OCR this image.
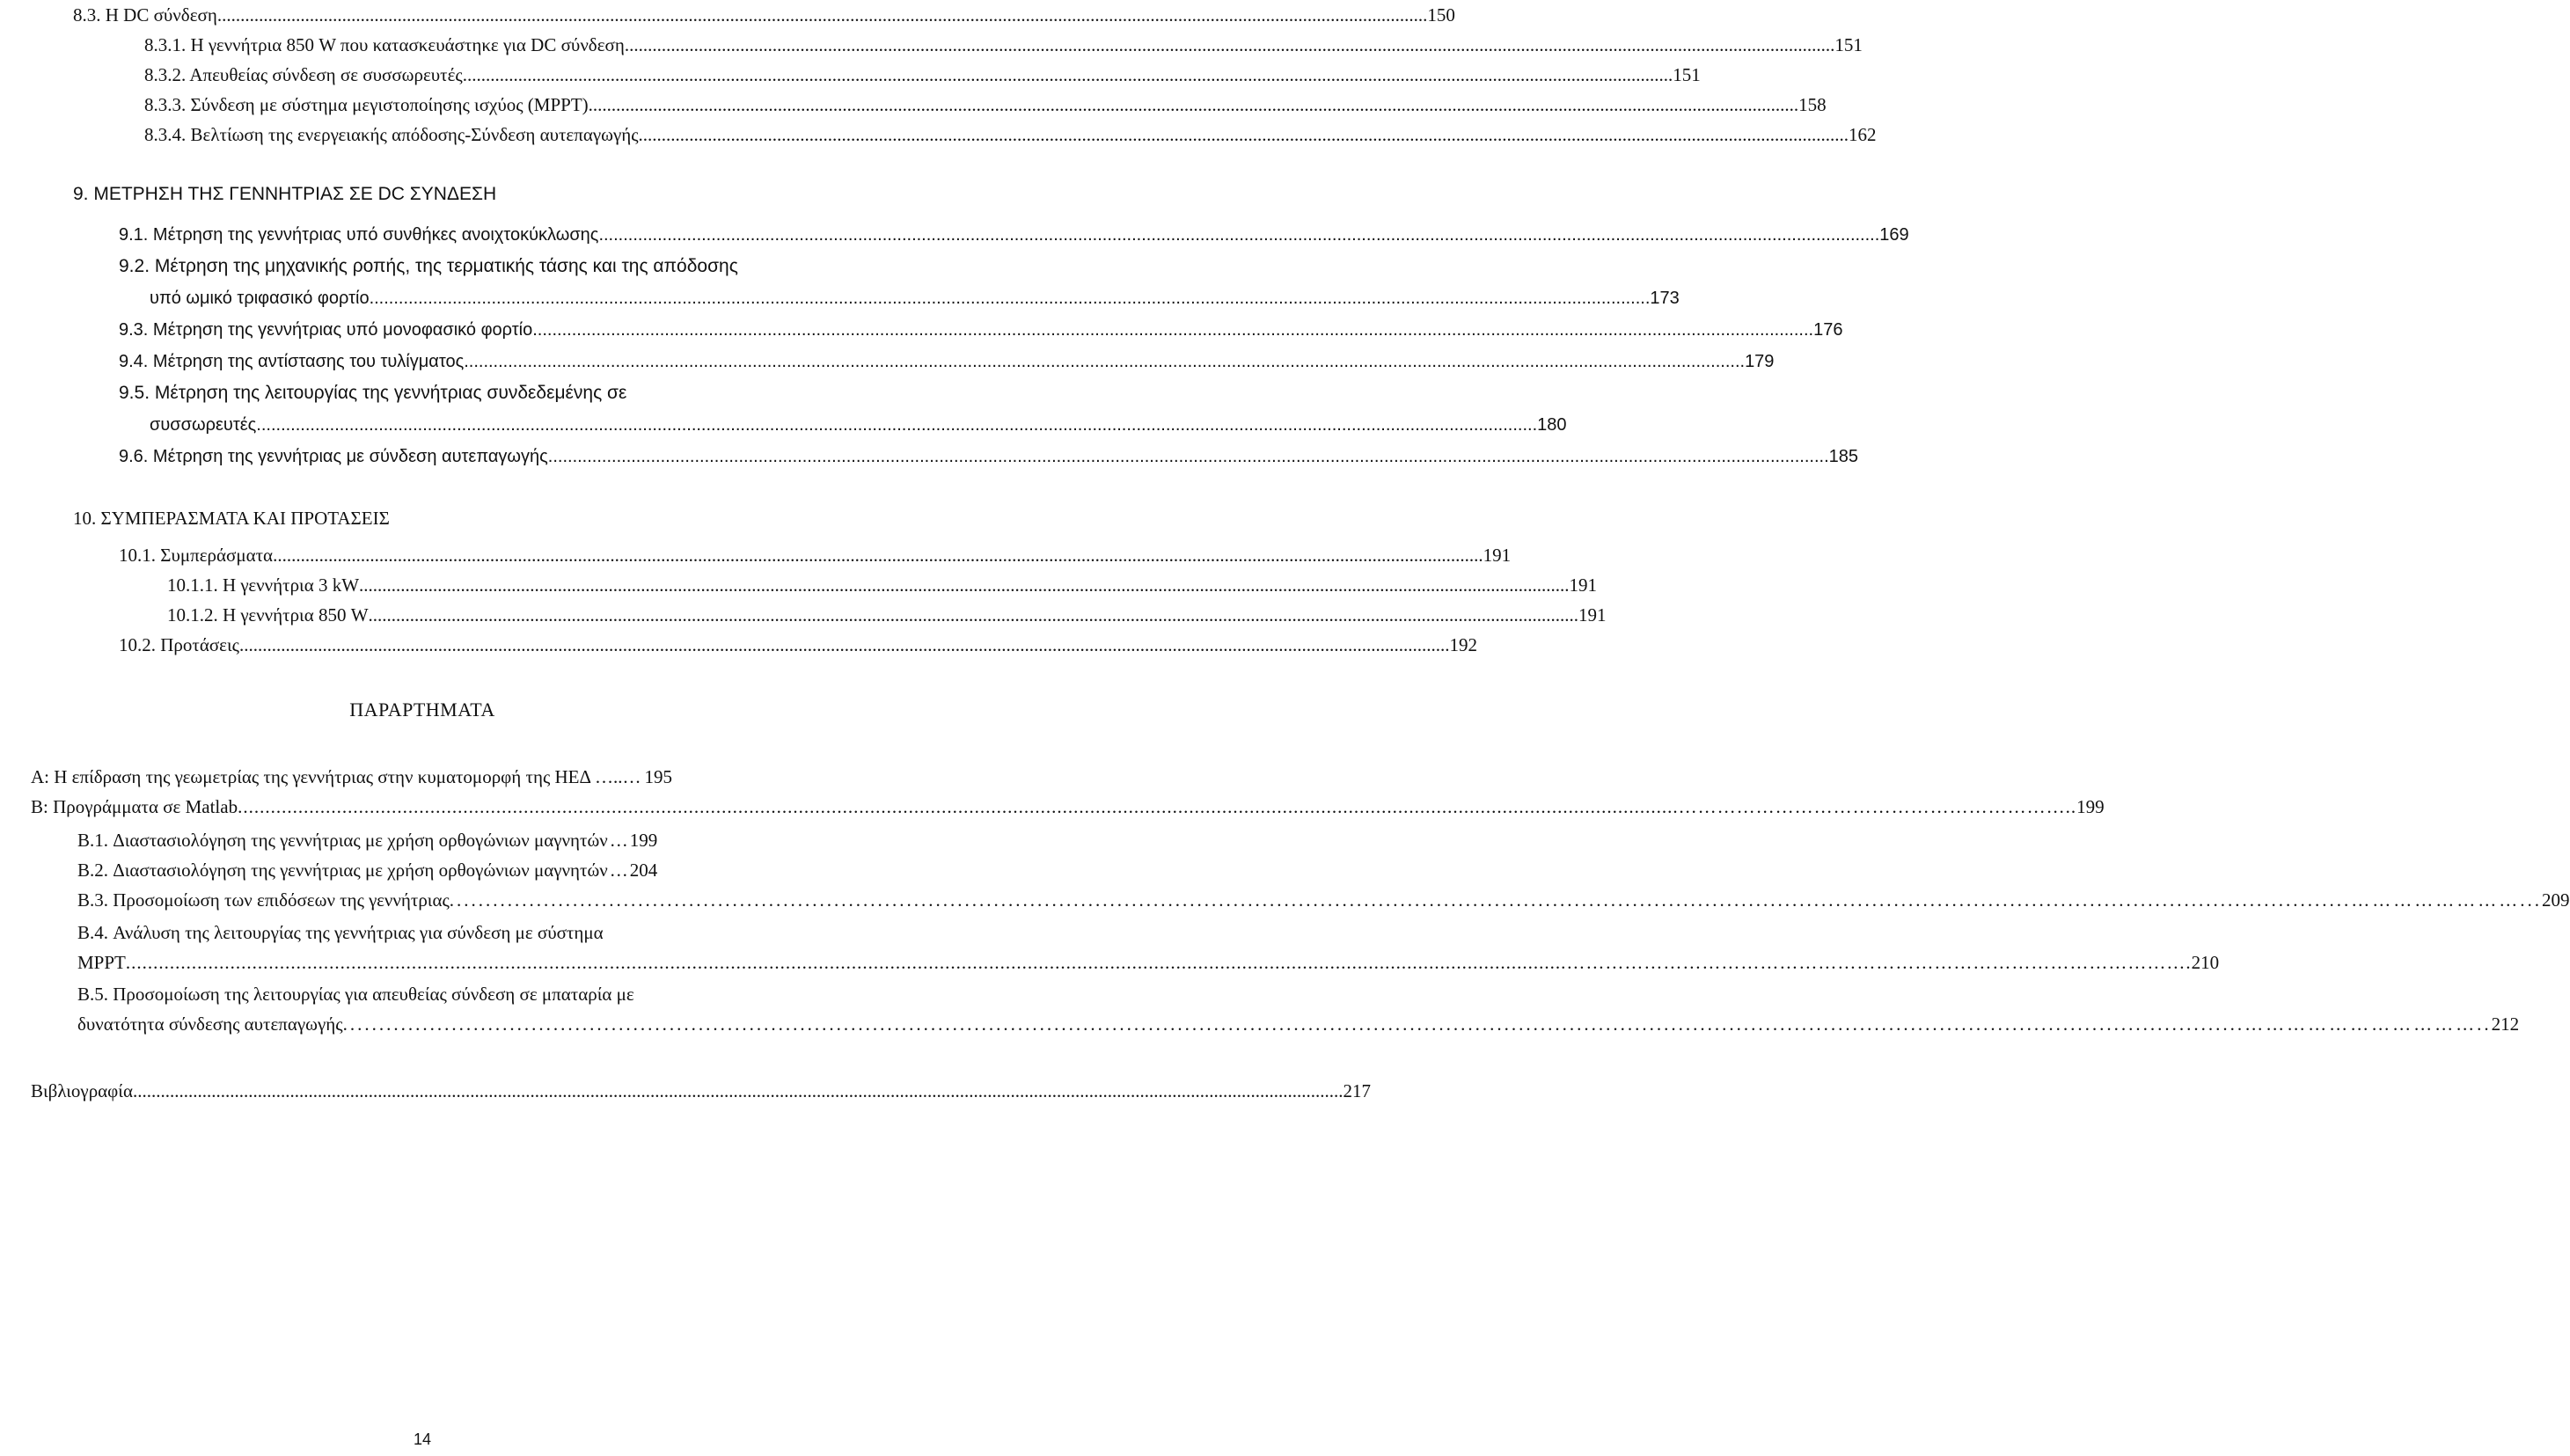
8.3. Η DC σύνδεση .....	150
8.3.1. Η γεννήτρια 850 W που κατασκευάστηκε για DC σύνδεση .....	151
8.3.2. Απευθείας σύνδεση σε συσσωρευτές .....	151
8.3.3. Σύνδεση με σύστημα μεγιστοποίησης ισχύος (MPPT) .....	158
8.3.4. Βελτίωση της ενεργειακής απόδοσης-Σύνδεση αυτεπαγωγής .....	162
9. ΜΕΤΡΗΣΗ ΤΗΣ ΓΕΝΝΗΤΡΙΑΣ ΣΕ DC ΣΥΝΔΕΣΗ
9.1. Μέτρηση της γεννήτριας υπό συνθήκες ανοιχτοκύκλωσης .....	169
9.2. Μέτρηση της μηχανικής ροπής, της τερματικής τάσης και της απόδοσης
υπό ωμικό τριφασικό φορτίο .....	173
9.3. Μέτρηση της γεννήτριας υπό μονοφασικό φορτίο .....	176
9.4. Μέτρηση της αντίστασης του τυλίγματος .....	179
9.5. Μέτρηση της λειτουργίας της γεννήτριας συνδεδεμένης σε
συσσωρευτές .....	180
9.6. Μέτρηση της γεννήτριας με σύνδεση αυτεπαγωγής .....	185
10. ΣΥΜΠΕΡΑΣΜΑΤΑ ΚΑΙ ΠΡΟΤΑΣΕΙΣ
10.1. Συμπεράσματα .....	191
10.1.1. Η γεννήτρια 3 kW .....	191
10.1.2. Η γεννήτρια 850 W .....	191
10.2. Προτάσεις .....	192
ΠΑΡΑΡΤΗΜΑΤΑ
A: Η επίδραση της γεωμετρίας της γεννήτριας στην κυματομορφή της ΗΕΔ …..… 195
B: Προγράμματα σε Matlab	..... …………………………………………………….. 199
B.1. Διαστασιολόγηση της γεννήτριας με χρήση ορθογώνιων μαγνητών … 199
B.2. Διαστασιολόγηση της γεννήτριας με χρήση ορθογώνιων μαγνητών … 204
B.3. Προσομοίωση των επιδόσεων της γεννήτριας	..... ……………………... 209
B.4. Ανάλυση της λειτουργίας της γεννήτριας για σύνδεση με σύστημα
MPPT	..... ……………………………………………………………………………………. 210
B.5. Προσομοίωση της λειτουργίας για απευθείας σύνδεση σε μπαταρία με
δυνατότητα σύνδεσης αυτεπαγωγής	..... …………………………….. 212
Βιβλιογραφία .....	217
14
